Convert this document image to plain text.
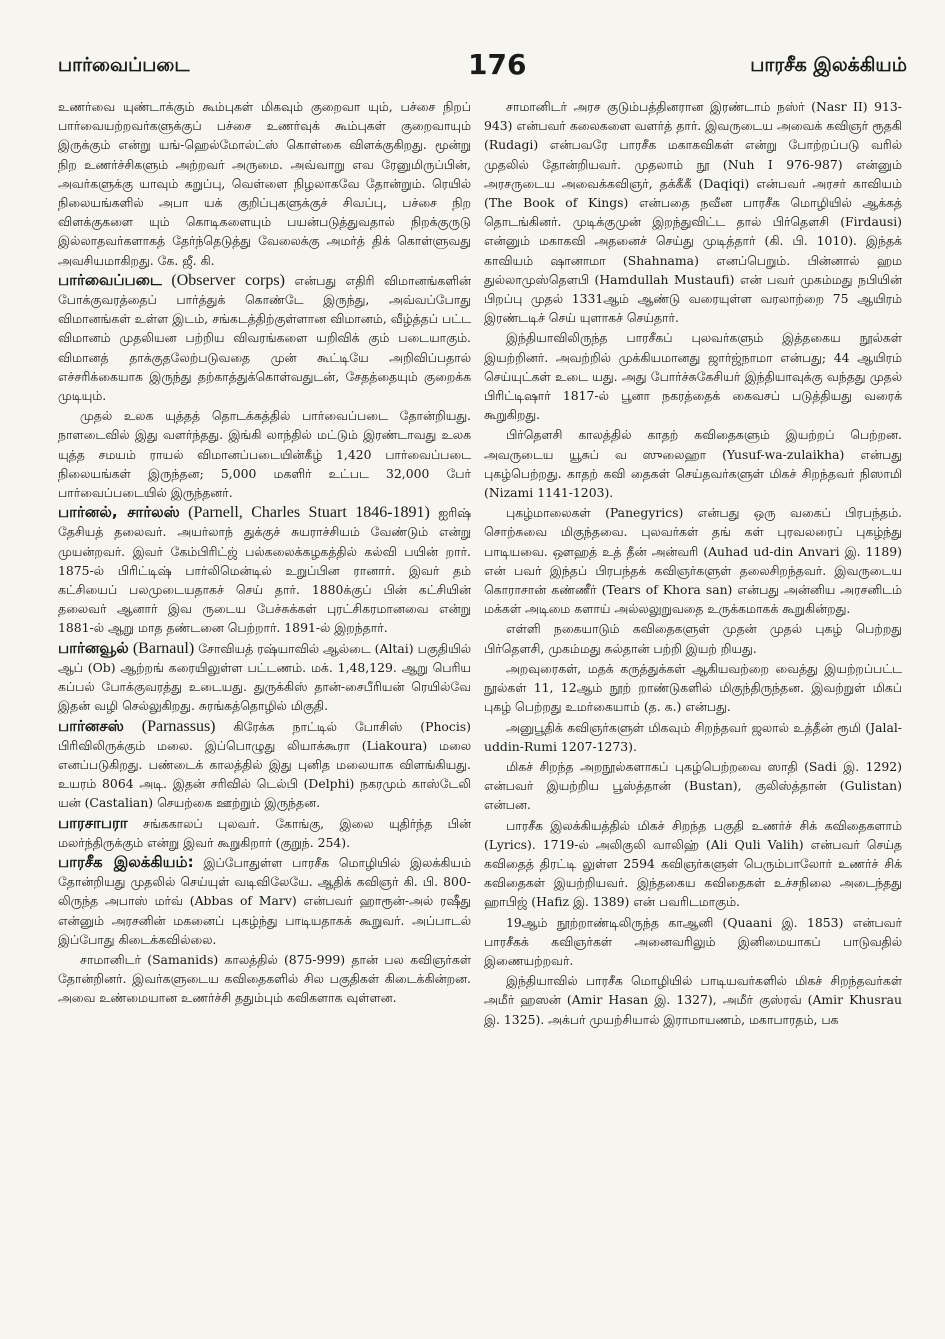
பார்வைப்படை	176	பாரசீக இலக்கியம்

உணர்வை யுண்டாக்கும் கூம்புகள் மிகவும் குறைவா யும், பச்சை நிறப் பார்வையற்றவர்களுக்குப் பச்சை உணர்வுக் கூம்புகள் குறைவாயும் இருக்கும் என்று யங்-ஹெல்மோல்ட்ஸ் கொள்கை விளக்குகிறது. மூன்று நிற உணர்ச்சிகளும் அற்றவர் அருமை. அவ்வாறு எவ ரேனுமிருப்பின், அவர்களுக்கு யாவும் கறுப்பு, வெள்ளை நிழலாகவே தோன்றும். ரெயில் நிலையங்களில் அபா யக் குறிப்புகளுக்குச் சிவப்பு, பச்சை நிற விளக்குகளை யும் கொடிகளையும் பயன்படுத்துவதால் நிறக்குருடு இல்லாதவர்களாகத் தேர்ந்தெடுத்து வேலைக்கு அமர்த் திக் கொள்ளுவது அவசியமாகிறது. கே. ஜீ. கி.

பார்வைப்படை (Observer corps) என்பது எதிரி விமானங்களின் போக்குவரத்தைப் பார்த்துக் கொண்டே இருந்து, அவ்வப்போது விமானங்கள் உள்ள இடம், சங்கடத்திற்குள்ளான விமானம், வீழ்த்தப் பட்ட விமானம் முதலியன பற்றிய விவரங்களை யறிவிக் கும் படையாகும். விமானத் தாக்குதலேற்படுவதை முன் கூட்டியே அறிவிப்பதால் எச்சரிக்கையாக இருந்து தற்காத்துக்கொள்வதுடன், சேதத்தையும் குறைக்க முடியும்.

முதல் உலக யுத்தத் தொடக்கத்தில் பார்வைப்படை தோன்றியது. நாளடைவில் இது வளர்ந்தது. இங்கி லாந்தில் மட்டும் இரண்டாவது உலக யுத்த சமயம் ராயல் விமானப்படையின்கீழ் 1,420 பார்வைப்படை நிலையங்கள் இருந்தன; 5,000 மகளிர் உட்பட 32,000 பேர் பார்வைப்படையில் இருந்தனர்.

பார்னல், சார்லஸ் (Parnell, Charles Stuart 1846-1891) ஐரிஷ் தேசியத் தலைவர். அயர்லாந் துக்குச் சுயராச்சியம் வேண்டும் என்று முயன்றவர். இவர் கேம்பிரிட்ஜ் பல்கலைக்கழகத்தில் கல்வி பயின் றார். 1875-ல் பிரிட்டிஷ் பார்லிமென்டில் உறுப்பின ரானார். இவர் தம் கட்சியைப் பலமுடையதாகச் செய் தார். 1880க்குப் பின் கட்சியின் தலைவர் ஆனார் இவ ருடைய பேச்சுக்கள் புரட்சிகரமானவை என்று 1881-ல் ஆறு மாத தண்டனை பெற்றார். 1891-ல் இறந்தார்.

பார்னவூல் (Barnaul) சோவியத் ரஷ்யாவில் ஆல்டை (Altai) பகுதியில் ஆப் (Ob) ஆற்றங் கரையிலுள்ள பட்டணம். மக். 1,48,129. ஆறு பெரிய கப்பல் போக்குவரத்து உடையது. துருக்கிஸ் தான்-சைபீரியன் ரெயில்வே இதன் வழி செல்லுகிறது. சுரங்கத்தொழில் மிகுதி.

பார்னசஸ் (Parnassus) கிரேக்க நாட்டில் போசிஸ் (Phocis) பிரிவிலிருக்கும் மலை. இப்பொழுது லியாக்கூரா (Liakoura) மலை எனப்படுகிறது. பண்டைக் காலத்தில் இது புனித மலையாக விளங்கியது. உயரம் 8064 அடி. இதன் சரிவில் டெல்பி (Delphi) நகரமும் காஸ்டேலி யன் (Castalian) செயற்கை ஊற்றும் இருந்தன.

பாரசாபரா சங்ககாலப் புலவர். கோங்கு, இலை யுதிர்ந்த பின் மலர்ந்திருக்கும் என்று இவர் கூறுகிறார் (குறுந். 254).

பாரசீக இலக்கியம்: இப்போதுள்ள பாரசீக மொழியில் இலக்கியம் தோன்றியது முதலில் செய்யுள் வடிவிலேயே. ஆதிக் கவிஞர் கி. பி. 800-லிருந்த அபாஸ் மர்வ் (Abbas of Marv) என்பவர் ஹாரூன்-அல் ரஷீது என்னும் அரசனின் மகனைப் புகழ்ந்து பாடியதாகக் கூறுவர். அப்பாடல் இப்போது கிடைக்கவில்லை.

சாமானிடர் (Samanids) காலத்தில் (875-999) தான் பல கவிஞர்கள் தோன்றினர். இவர்களுடைய கவிதைகளில் சில பகுதிகள் கிடைக்கின்றன. அவை உண்மையான உணர்ச்சி ததும்பும் கவிகளாக வுள்ளன.

சாமானிடர் அரச குடும்பத்தினரான இரண்டாம் நஸ்ர் (Nasr II) 913-943) என்பவர் கலைகளை வளர்த் தார். இவருடைய அவைக் கவிஞர் ரூதகி (Rudagi) என்பவரே பாரசீக மகாகவிகள் என்று போற்றப்படு வரில் முதலில் தோன்றியவர். முதலாம் நூ (Nuh I 976-987) என்னும் அரசருடைய அவைக்கவிஞர், தக்கீகீ (Daqiqi) என்பவர் அரசர் காவியம் (The Book of Kings) என்பதை நவீன பாரசீக மொழியில் ஆக்கத் தொடங்கினர். முடிக்குமுன் இறந்துவிட்ட தால் பிர்தௌசி (Firdausi) என்னும் மகாகவி அதனைச் செய்து முடித்தார் (கி. பி. 1010). இந்தக் காவியம் ஷானாமா (Shahnama) எனப்பெறும். பின்னால் ஹம துல்லாமுஸ்தௌபி (Hamdullah Mustaufi) என் பவர் முகம்மது நபியின் பிறப்பு முதல் 1331ஆம் ஆண்டு வரையுள்ள வரலாற்றை 75 ஆயிரம் இரண்டடிச் செய் யுளாகச் செய்தார்.

இந்தியாவிலிருந்த பாரசீகப் புலவர்களும் இத்தகைய நூல்கள் இயற்றினர். அவற்றில் முக்கியமானது ஜார்ஜ்நாமா என்பது; 44 ஆயிரம் செய்யுட்கள் உடை யது. அது போர்ச்சுகேசியர் இந்தியாவுக்கு வந்தது முதல் பிரிட்டிஷார் 1817-ல் பூனா நகரத்தைக் கைவசப் படுத்தியது வரைக் கூறுகிறது.

பிர்தௌசி காலத்தில் காதற் கவிதைகளும் இயற்றப் பெற்றன. அவருடைய யூசுப் வ ஸுலைஹா (Yusuf-wa-zulaikha) என்பது புகழ்பெற்றது. காதற் கவி தைகள் செய்தவர்களுள் மிகச் சிறந்தவர் நிஸாமி (Nizami 1141-1203).

புகழ்மாலைகள் (Panegyrics) என்பது ஒரு வகைப் பிரபந்தம். சொற்சுவை மிகுந்தவை. புலவர்கள் தங் கள் புரவலரைப் புகழ்ந்து பாடியவை. ஔஹத் உத் தீன் அன்வரி (Auhad ud-din Anvari இ. 1189) என் பவர் இந்தப் பிரபந்தக் கவிஞர்களுள் தலைசிறந்தவர். இவருடைய கொராசான் கண்ணீர் (Tears of Khora san) என்பது அன்னிய அரசனிடம் மக்கள் அடிமை களாய் அல்லலுறுவதை உருக்கமாகக் கூறுகின்றது.

எள்ளி நகையாடும் கவிதைகளுள் முதன் முதல் புகழ் பெற்றது பிர்தௌசி, முகம்மது சுல்தான் பற்றி இயற் றியது.

அறவுரைகள், மதக் கருத்துக்கள் ஆகியவற்றை வைத்து இயற்றப்பட்ட நூல்கள் 11, 12ஆம் நூற் றாண்டுகளில் மிகுந்திருந்தன. இவற்றுள் மிகப் புகழ் பெற்றது உமர்கையாம் (த. க.) என்பது.

அனுபூதிக் கவிஞர்களுள் மிகவும் சிறந்தவர் ஜலால் உத்தீன் ரூமி (Jalal-uddin-Rumi 1207-1273).

மிகச் சிறந்த அறநூல்களாகப் புகழ்பெற்றவை ஸாதி (Sadi இ. 1292) என்பவர் இயற்றிய பூஸ்த்தான் (Bustan), குலிஸ்த்தான் (Gulistan) என்பன.

பாரசீக இலக்கியத்தில் மிகச் சிறந்த பகுதி உணர்ச் சிக் கவிதைகளாம் (Lyrics). 1719-ல் அலிகுலி வாலிஹ் (Ali Quli Valih) என்பவர் செய்த கவிதைத் திரட்டி லுள்ள 2594 கவிஞர்களுள் பெரும்பாலோர் உணர்ச் சிக் கவிதைகள் இயற்றியவர். இந்தகைய கவிதைகள் உச்சநிலை அடைந்தது ஹாபிஜ் (Hafiz இ. 1389) என் பவரிடமாகும்.

19ஆம் நூற்றாண்டிலிருந்த காஆனி (Quaani இ. 1853) என்பவர் பாரசீகக் கவிஞர்கள் அனைவரிலும் இனிமையாகப் பாடுவதில் இணையற்றவர்.

இந்தியாவில் பாரசீக மொழியில் பாடியவர்களில் மிகச் சிறந்தவர்கள் அமீர் ஹஸன் (Amir Hasan இ. 1327), அமீர் குஸ்ரவ் (Amir Khusrau இ. 1325). அக்பர் முயற்சியால் இராமாயணம், மகாபாரதம், பக
